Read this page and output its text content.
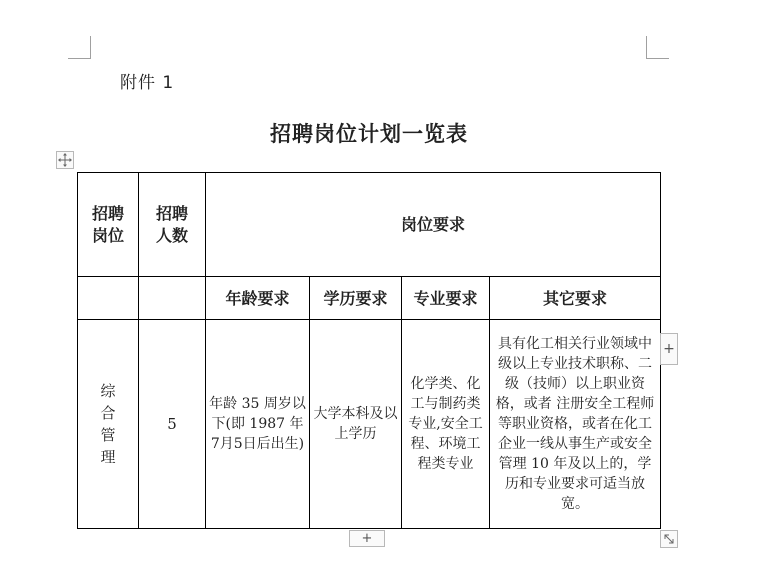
附件 1
招聘岗位计划一览表
招聘岗位	招聘人数	岗位要求			
		年龄要求	学历要求	专业要求	其它要求
综合管理	5	年龄 35 周岁以下(即 1987 年7月5日后出生)	大学本科及以上学历	化学类、化工与制药类专业,安全工程、环境工程类专业	具有化工相关行业领域中级以上专业技术职称、二级（技师）以上职业资格，或者 注册安全工程师等职业资格，或者在化工企业一线从事生产或安全管理 10 年及以上的，学历和专业要求可适当放宽。
+
+
